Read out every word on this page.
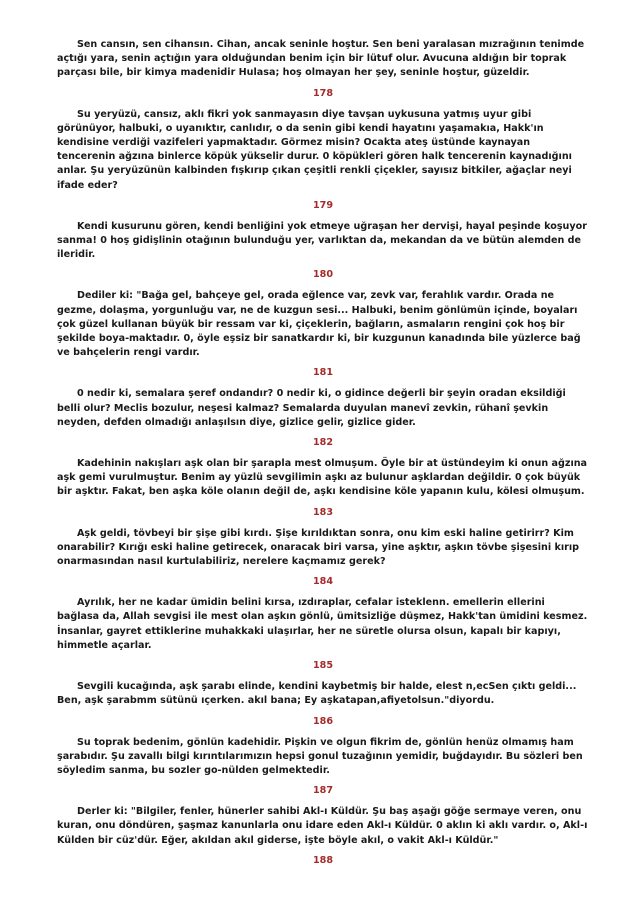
Sen cansın, sen cihansın. Cihan, ancak seninle hoştur. Sen beni yaralasan mızrağının tenimde açtığı yara, senin açtığın yara olduğundan benim için bir lütuf olur. Avucuna aldığın bir toprak parçası bile, bir kimya madenidir Hulasa; hoş olmayan her şey, seninle hoştur, güzeldir.

178

Su yeryüzü, cansız, aklı fikri yok sanmayasın diye tavşan uykusuna yatmış uyur gibi görünüyor, halbuki, o uyanıktır, canlıdır, o da senin gibi kendi hayatını yaşamakıa, Hakk'ın kendisine verdiği vazifeleri yapmaktadır. Görmez misin? Ocakta ateş üstünde kaynayan tencerenin ağzına binlerce köpük yükselir durur. 0 köpükleri gören halk tencerenin kaynadığını anlar. Şu yeryüzünün kalbinden fışkırıp çıkan çeşitli renkli çiçekler, sayısız bitkiler, ağaçlar neyi ifade eder?

179

Kendi kusurunu gören, kendi benliğini yok etmeye uğraşan her dervişi, hayal peşinde koşuyor sanma! 0 hoş gidişlinin otağının bulunduğu yer, varlıktan da, mekandan da ve bütün alemden de ileridir.

180

Dediler ki: "Bağa gel, bahçeye gel, orada eğlence var, zevk var, ferahlık vardır. Orada ne gezme, dolaşma, yorgunluğu var, ne de kuzgun sesi... Halbuki, benim gönlümün içinde, boyaları çok güzel kullanan büyük bir ressam var ki, çiçeklerin, bağların, asmaların rengini çok hoş bir şekilde boya-maktadır. 0, öyle eşsiz bir sanatkardır ki, bir kuzgunun kanadında bile yüzlerce bağ ve bahçelerin rengi vardır.

181

0 nedir ki, semalara şeref ondandır? 0 nedir ki, o gidince değerli bir şeyin oradan eksildiği belli olur? Meclis bozulur, neşesi kalmaz? Semalarda duyulan manevî zevkin, rühanî şevkin neyden, defden olmadığı anlaşılsın diye, gizlice gelir, gizlice gider.

182

Kadehinin nakışları aşk olan bir şarapla mest olmuşum. Öyle bir at üstündeyim ki onun ağzına aşk gemi vurulmuştur. Benim ay yüzlü sevgilimin aşkı az bulunur aşklardan değildir. 0 çok büyük bir aşktır. Fakat, ben aşka köle olanın değil de, aşkı kendisine köle yapanın kulu, kölesi olmuşum.

183

Aşk geldi, tövbeyi bir şişe gibi kırdı. Şişe kırıldıktan sonra, onu kim eski haline getirirr? Kim onarabilir? Kırığı eski haline getirecek, onaracak biri varsa, yine aşktır, aşkın tövbe şişesini kırıp onarmasından nasıl kurtulabiliriz, nerelere kaçmamız gerek?

184

Ayrılık, her ne kadar ümidin belini kırsa, ızdıraplar, cefalar isteklenn. emellerin ellerini bağlasa da, Allah sevgisi ile mest olan aşkın gönlü, ümitsizliğe düşmez, Hakk'tan ümidini kesmez. İnsanlar, gayret ettiklerine muhakkaki ulaşırlar, her ne süretle olursa olsun, kapalı bir kapıyı, himmetle açarlar.

185

Sevgili kucağında, aşk şarabı elinde, kendini kaybetmiş bir halde, elest n,ecSen çıktı geldi... Ben, aşk şarabmm sütünü ıçerken. akıl bana; Ey aşkatapan,afiyetolsun."diyordu.

186

Su toprak bedenim, gönlün kadehidir. Pişkin ve olgun fikrim de, gönlün henüz olmamış ham şarabıdır. Şu zavallı bilgi kırıntılarımızın hepsi gonul tuzağının yemidir, buğdayıdır. Bu sözleri ben söyledim sanma, bu sozler go-nülden gelmektedir.

187

Derler ki: "Bilgiler, fenler, hünerler sahibi Akl-ı Küldür. Şu baş aşağı göğe sermaye veren, onu kuran, onu döndüren, şaşmaz kanunlarla onu idare eden Akl-ı Küldür. 0 aklın ki aklı vardır. o, Akl-ı Külden bir cüz'dür. Eğer, akıldan akıl giderse, işte böyle akıl, o vakit Akl-ı Küldür."

188
